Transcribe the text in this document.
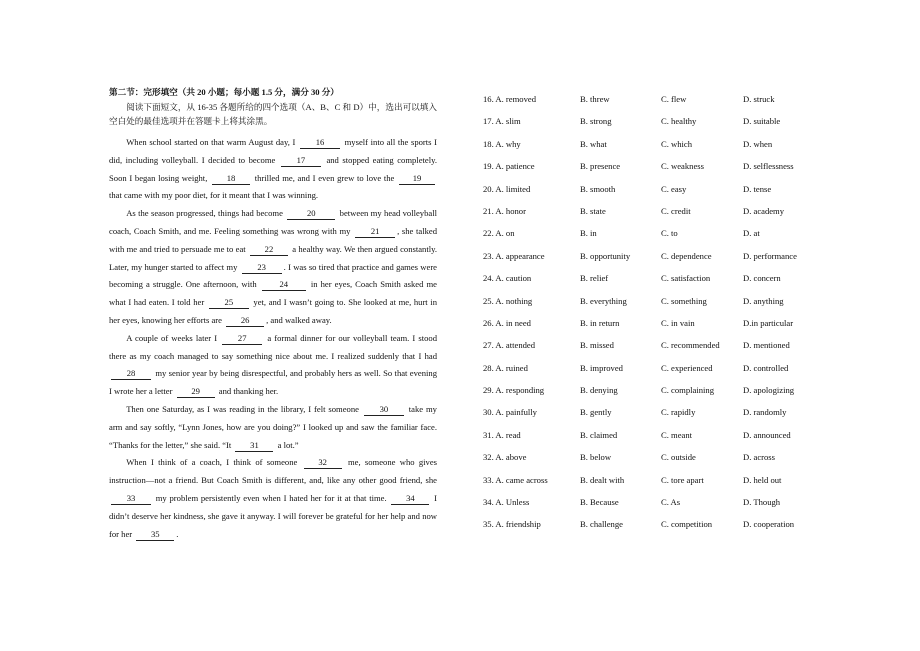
第二节：完形填空（共 20 小题；每小题 1.5 分，满分 30 分）
阅读下面短文，从 16-35 各题所给的四个选项（A、B、C 和 D）中，选出可以填入空白处的最佳选项并在答题卡上将其涂黑。

When school started on that warm August day, I 16 myself into all the sports I did, including volleyball. I decided to become 17 and stopped eating completely. Soon I began losing weight, 18 thrilled me, and I even grew to love the 19 that came with my poor diet, for it meant that I was winning.

As the season progressed, things had become	20	between my head volleyball coach, Coach Smith, and me. Feeling something was wrong with my 21 , she talked with me and tried to persuade me to eat 22 a healthy way. We then argued constantly. Later, my hunger started to affect my 23 . I was so tired that practice and games were becoming a struggle. One afternoon, with 24 in her eyes, Coach Smith asked me what I had eaten. I told her 25 yet, and I wasn’t going to. She looked at me, hurt in her eyes, knowing her efforts are 26 , and walked away.

A couple of weeks later I 27 a formal dinner for our volleyball team. I stood there as my coach managed to say something nice about me. I realized suddenly that I had 28 my senior year by being disrespectful, and probably hers as well. So that evening I wrote her a letter 29 and thanking her.

Then one Saturday, as I was reading in the library, I felt someone 30 take my arm and say softly, “Lynn Jones, how are you doing?” I looked up and saw the familiar face. “Thanks for the letter,” she said. “It 31 a lot.”

When I think of a coach, I think of someone 32 me, someone who gives instruction—not a friend. But Coach Smith is different, and, like any other good friend, she 33 my problem persistently even when I hated her for it at that time. 34 I didn’t deserve her kindness, she gave it anyway. I will forever be grateful for her help and now for her 35 .

16. A. removed	B. threw	C. flew	D. struck
17. A. slim	B. strong	C. healthy	D. suitable
18. A. why	B. what	C. which	D. when
19. A. patience	B. presence	C. weakness	D. selflessness
20. A. limited	B. smooth	C. easy	D. tense
21. A. honor	B. state	C. credit	D. academy
22. A. on	B. in	C. to	D. at
23. A. appearance	B. opportunity	C. dependence	D. performance
24. A. caution	B. relief	C. satisfaction	D. concern
25. A. nothing	B. everything	C. something	D. anything
26. A. in need	B. in return	C. in vain	D.in particular
27. A. attended	B. missed	C. recommended	D. mentioned
28. A. ruined	B. improved	C. experienced	D. controlled
29. A. responding	B. denying	C. complaining	D. apologizing
30. A. painfully	B. gently	C. rapidly	D. randomly
31. A. read	B. claimed	C. meant	D. announced
32. A. above	B. below	C. outside	D. across
33. A. came across	B. dealt with	C. tore apart	D. held out
34. A. Unless	B. Because	C. As	D. Though
35. A. friendship	B. challenge	C. competition	D. cooperation
